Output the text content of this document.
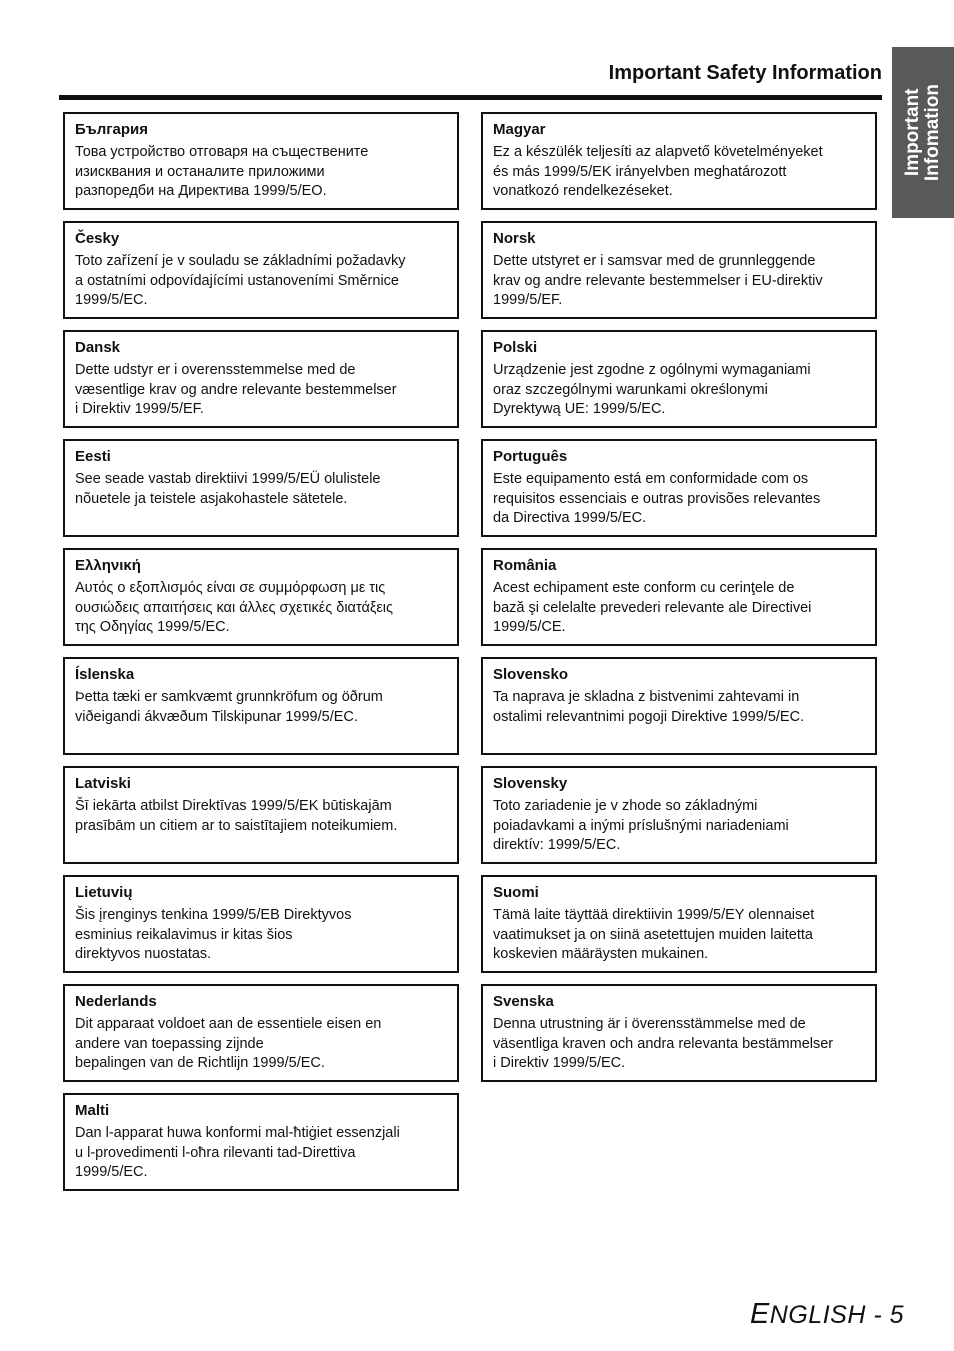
Important Safety Information
Important Infomation
България
Това устройство отговаря на съществените
изисквания и останалите приложими
разпоредби на Директива 1999/5/ЕО.
Česky
Toto zařízení je v souladu se základními požadavky
a ostatními odpovídajícími ustanoveními Směrnice
1999/5/EC.
Dansk
Dette udstyr er i overensstemmelse med de
væsentlige krav og andre relevante bestemmelser
i Direktiv 1999/5/EF.
Eesti
See seade vastab direktiivi 1999/5/EÜ olulistele
nõuetele ja teistele asjakohastele sätetele.
Ελληνική
Αυτός ο εξοπλισμός είναι σε συμμόρφωση με τις
ουσιώδεις απαιτήσεις και άλλες σχετικές διατάξεις
της Οδηγίας 1999/5/EC.
Íslenska
Þetta tæki er samkvæmt grunnkröfum og öðrum
viðeigandi ákvæðum Tilskipunar 1999/5/EC.
Latviski
Šī iekārta atbilst Direktīvas 1999/5/EK būtiskajām
prasībām un citiem ar to saistītajiem noteikumiem.
Lietuvių
Šis įrenginys tenkina 1999/5/EB Direktyvos
esminius reikalavimus ir kitas šios
direktyvos nuostatas.
Nederlands
Dit apparaat voldoet aan de essentiele eisen en
andere van toepassing zijnde
bepalingen van de Richtlijn 1999/5/EC.
Malti
Dan l-apparat huwa konformi mal-ħtiġiet essenzjali
u l-provedimenti l-oħra rilevanti tad-Direttiva
1999/5/EC.
Magyar
Ez a készülék teljesíti az alapvető követelményeket
és más 1999/5/EK irányelvben meghatározott
vonatkozó rendelkezéseket.
Norsk
Dette utstyret er i samsvar med de grunnleggende
krav og andre relevante bestemmelser i EU-direktiv
1999/5/EF.
Polski
Urządzenie jest zgodne z ogólnymi wymaganiami
oraz szczególnymi warunkami określonymi
Dyrektywą UE: 1999/5/EC.
Português
Este equipamento está em conformidade com os
requisitos essenciais e outras provisões relevantes
da Directiva 1999/5/EC.
România
Acest echipament este conform cu cerinţele de
bază şi celelalte prevederi relevante ale Directivei
1999/5/CE.
Slovensko
Ta naprava je skladna z bistvenimi zahtevami in
ostalimi relevantnimi pogoji Direktive 1999/5/EC.
Slovensky
Toto zariadenie je v zhode so základnými
poiadavkami a inými príslušnými nariadeniami
direktív: 1999/5/EC.
Suomi
Tämä laite täyttää direktiivin 1999/5/EY olennaiset
vaatimukset ja on siinä asetettujen muiden laitetta
koskevien määräysten mukainen.
Svenska
Denna utrustning är i överensstämmelse med de
väsentliga kraven och andra relevanta bestämmelser
i Direktiv 1999/5/EC.
ENGLISH - 5
